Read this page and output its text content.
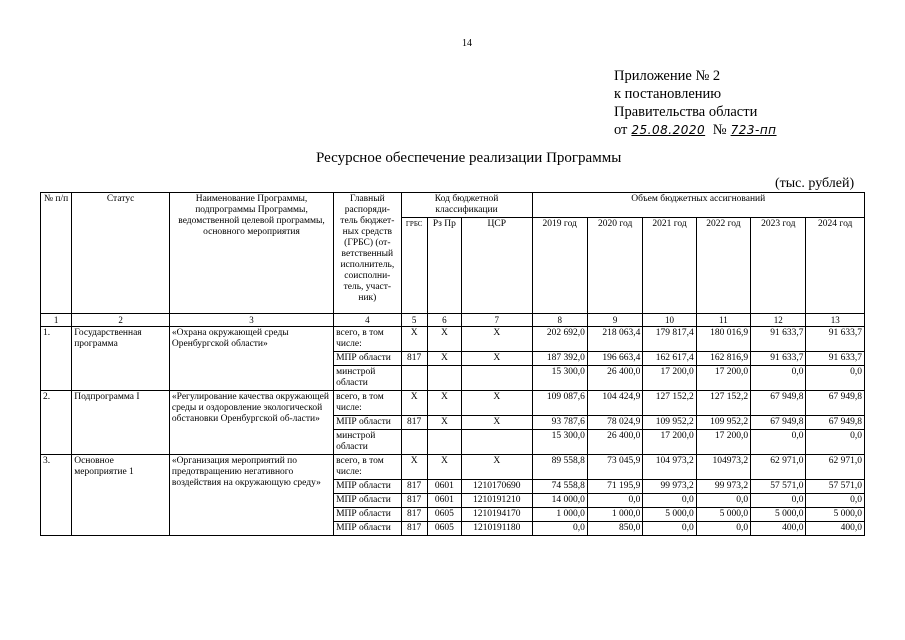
14
Приложение № 2
к постановлению
Правительства области
от 25.08.2020 № 723-пп
Ресурсное обеспечение реализации Программы
(тыс. рублей)
№ п/п	Статус	Наименование Программы, подпрограммы Программы, ведомственной целевой программы, основного мероприятия	Главный распоряди-тель бюджет-ных средств (ГРБС) (от-ветственный исполнитель, соисполни-тель, участ-ник)	Код бюджетной классификации			Объем бюджетных ассигнований					
				ГРБС	Рз Пр	ЦСР	2019 год	2020 год	2021 год	2022 год	2023 год	2024 год
1	2	3	4	5	6	7	8	9	10	11	12	13
1.	Государственная программа	«Охрана окружающей среды Оренбургской области»	всего, в том числе:	Х	Х	Х	202 692,0	218 063,4	179 817,4	180 016,9	91 633,7	91 633,7
			МПР области	817	Х	Х	187 392,0	196 663,4	162 617,4	162 816,9	91 633,7	91 633,7
			минстрой области				15 300,0	26 400,0	17 200,0	17 200,0	0,0	0,0
2.	Подпрограмма I	«Регулирование качества окружающей среды и оздоровление экологической обстановки Оренбургской об-ласти»	всего, в том числе:	Х	Х	Х	109 087,6	104 424,9	127 152,2	127 152,2	67 949,8	67 949,8
			МПР области	817	Х	Х	93 787,6	78 024,9	109 952,2	109 952,2	67 949,8	67 949,8
			минстрой области				15 300,0	26 400,0	17 200,0	17 200,0	0,0	0,0
3.	Основное мероприятие 1	«Организация мероприятий по предотвращению негативного воздействия на окружающую среду»	всего, в том числе:	Х	Х	Х	89 558,8	73 045,9	104 973,2	104973,2	62 971,0	62 971,0
			МПР области	817	0601	1210170690	74 558,8	71 195,9	99 973,2	99 973,2	57 571,0	57 571,0
			МПР области	817	0601	1210191210	14 000,0	0,0	0,0	0,0	0,0	0,0
			МПР области	817	0605	1210194170	1 000,0	1 000,0	5 000,0	5 000,0	5 000,0	5 000,0
			МПР области	817	0605	1210191180	0,0	850,0	0,0	0,0	400,0	400,0
